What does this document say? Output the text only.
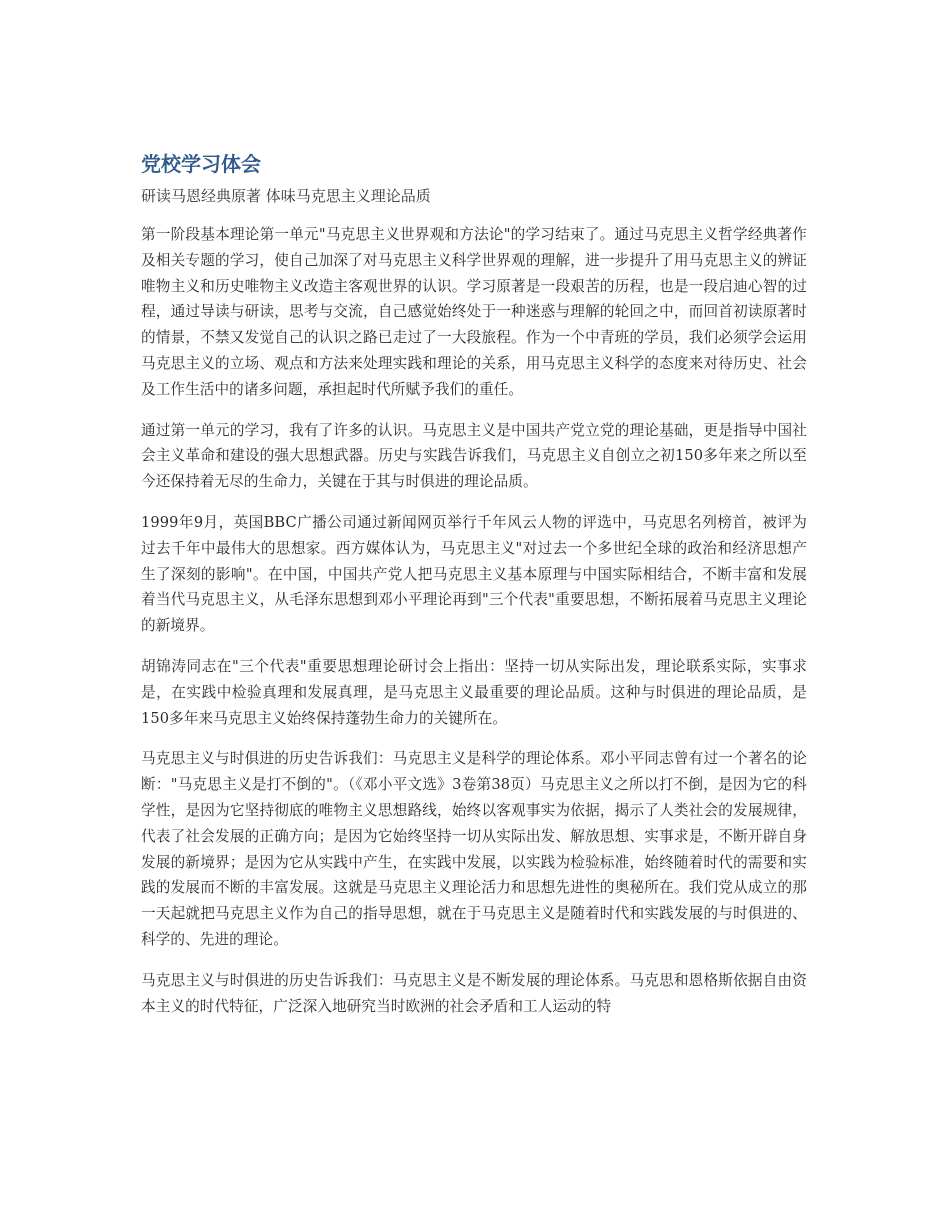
党校学习体会
研读马恩经典原著 体味马克思主义理论品质

第一阶段基本理论第一单元"马克思主义世界观和方法论"的学习结束了。通过马克思主义哲学经典著作及相关专题的学习，使自己加深了对马克思主义科学世界观的理解，进一步提升了用马克思主义的辨证唯物主义和历史唯物主义改造主客观世界的认识。学习原著是一段艰苦的历程，也是一段启迪心智的过程，通过导读与研读，思考与交流，自己感觉始终处于一种迷惑与理解的轮回之中，而回首初读原著时的情景，不禁又发觉自己的认识之路已走过了一大段旅程。作为一个中青班的学员，我们必须学会运用马克思主义的立场、观点和方法来处理实践和理论的关系，用马克思主义科学的态度来对待历史、社会及工作生活中的诸多问题，承担起时代所赋予我们的重任。

通过第一单元的学习，我有了许多的认识。马克思主义是中国共产党立党的理论基础，更是指导中国社会主义革命和建设的强大思想武器。历史与实践告诉我们，马克思主义自创立之初150多年来之所以至今还保持着无尽的生命力，关键在于其与时俱进的理论品质。

1999年9月，英国BBC广播公司通过新闻网页举行千年风云人物的评选中，马克思名列榜首，被评为过去千年中最伟大的思想家。西方媒体认为，马克思主义"对过去一个多世纪全球的政治和经济思想产生了深刻的影响"。在中国，中国共产党人把马克思主义基本原理与中国实际相结合，不断丰富和发展着当代马克思主义，从毛泽东思想到邓小平理论再到"三个代表"重要思想，不断拓展着马克思主义理论的新境界。

胡锦涛同志在"三个代表"重要思想理论研讨会上指出：坚持一切从实际出发，理论联系实际，实事求是，在实践中检验真理和发展真理，是马克思主义最重要的理论品质。这种与时俱进的理论品质，是150多年来马克思主义始终保持蓬勃生命力的关键所在。

马克思主义与时俱进的历史告诉我们：马克思主义是科学的理论体系。邓小平同志曾有过一个著名的论断："马克思主义是打不倒的"。（《邓小平文选》3卷第38页）马克思主义之所以打不倒，是因为它的科学性，是因为它坚持彻底的唯物主义思想路线，始终以客观事实为依据，揭示了人类社会的发展规律，代表了社会发展的正确方向；是因为它始终坚持一切从实际出发、解放思想、实事求是，不断开辟自身发展的新境界；是因为它从实践中产生，在实践中发展，以实践为检验标准，始终随着时代的需要和实践的发展而不断的丰富发展。这就是马克思主义理论活力和思想先进性的奥秘所在。我们党从成立的那一天起就把马克思主义作为自己的指导思想，就在于马克思主义是随着时代和实践发展的与时俱进的、科学的、先进的理论。

马克思主义与时俱进的历史告诉我们：马克思主义是不断发展的理论体系。马克思和恩格斯依据自由资本主义的时代特征，广泛深入地研究当时欧洲的社会矛盾和工人运动的特
